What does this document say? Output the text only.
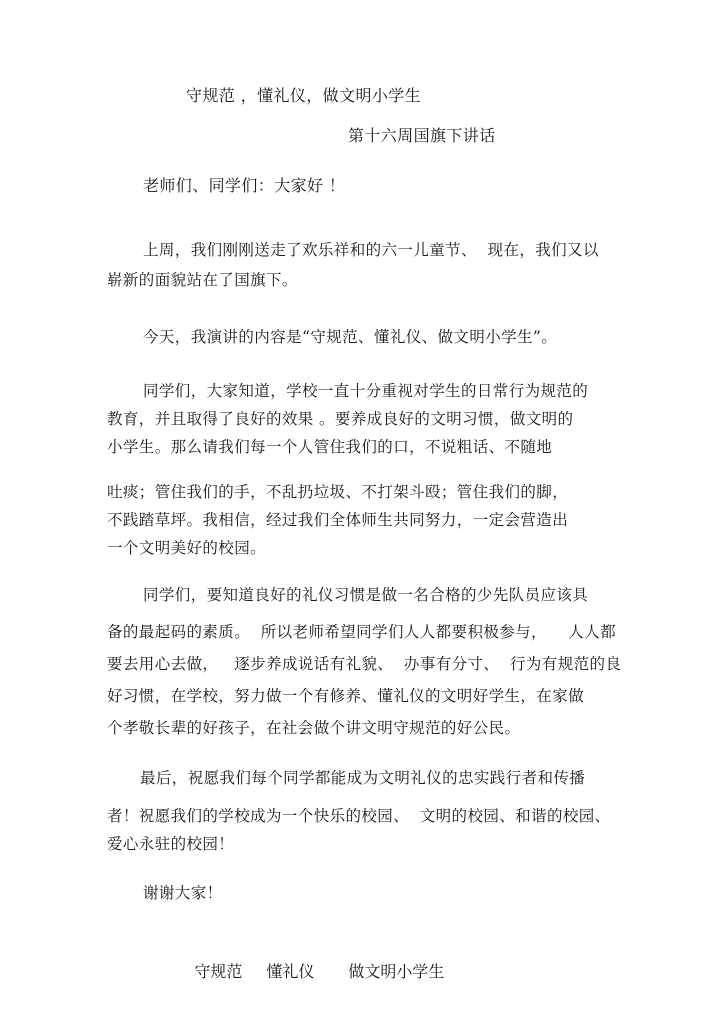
守规范 ，懂礼仪，做文明小学生
第十六周国旗下讲话
老师们、同学们：大家好 ！
上周，我们刚刚送走了欢乐祥和的六一儿童节、  现在，我们又以
崭新的面貌站在了国旗下。
今天，我演讲的内容是“守规范、懂礼仪、做文明小学生”。
同学们，大家知道，学校一直十分重视对学生的日常行为规范的
教育，并且取得了良好的效果 。要养成良好的文明习惯，做文明的
小学生。那么请我们每一个人管住我们的口，不说粗话、不随地
吐痰；管住我们的手，不乱扔垃圾、不打架斗殴；管住我们的脚，
不践踏草坪。我相信，经过我们全体师生共同努力，一定会营造出
一个文明美好的校园。
同学们，要知道良好的礼仪习惯是做一名合格的少先队员应该具
备的最起码的素质。  所以老师希望同学们人人都要积极参与，    人人都
要去用心去做，   逐步养成说话有礼貌、  办事有分寸、  行为有规范的良
好习惯，在学校，努力做一个有修养、懂礼仪的文明好学生，在家做
个孝敬长辈的好孩子，在社会做个讲文明守规范的好公民。
最后，祝愿我们每个同学都能成为文明礼仪的忠实践行者和传播
者！祝愿我们的学校成为一个快乐的校园、  文明的校园、和谐的校园、
爱心永驻的校园！
谢谢大家！

守规范 懂礼仪 做文明小学生
